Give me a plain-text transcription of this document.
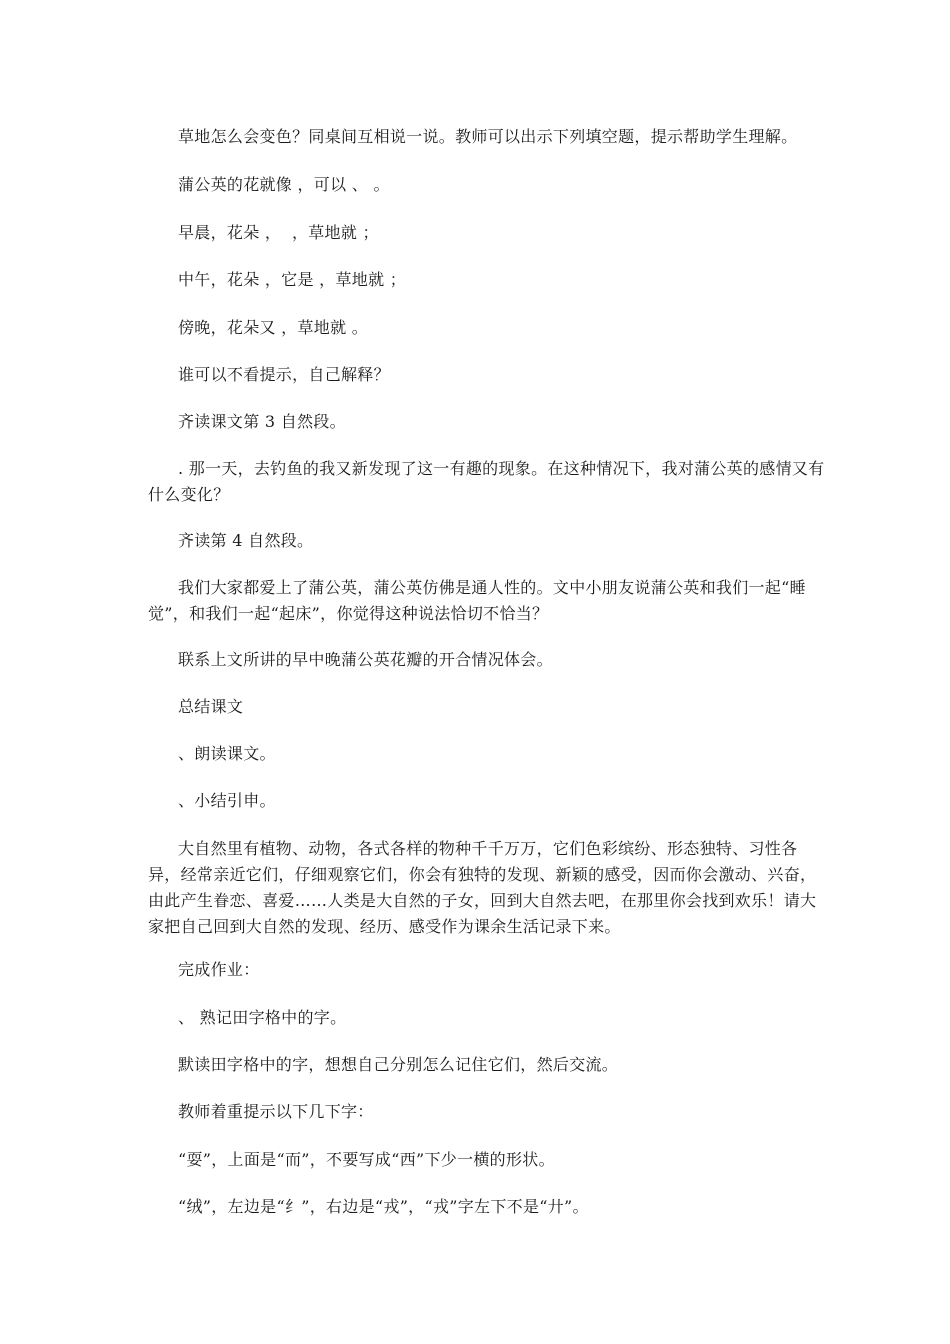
草地怎么会变色？同桌间互相说一说。教师可以出示下列填空题，提示帮助学生理解。
蒲公英的花就像 ，可以 、 。
早晨，花朵 ，  ，草地就 ；
中午，花朵 ，它是 ，草地就 ；
傍晚，花朵又 ，草地就 。
谁可以不看提示，自己解释？
齐读课文第 3 自然段。
. 那一天，去钓鱼的我又新发现了这一有趣的现象。在这种情况下，我对蒲公英的感情又有什么变化？
齐读第 4 自然段。
我们大家都爱上了蒲公英，蒲公英仿佛是通人性的。文中小朋友说蒲公英和我们一起“睡觉”，和我们一起“起床”，你觉得这种说法恰切不恰当？
联系上文所讲的早中晚蒲公英花瓣的开合情况体会。
总结课文
、朗读课文。
、小结引申。
大自然里有植物、动物，各式各样的物种千千万万，它们色彩缤纷、形态独特、习性各异，经常亲近它们，仔细观察它们，你会有独特的发现、新颖的感受，因而你会激动、兴奋，由此产生眷恋、喜爱……人类是大自然的子女，回到大自然去吧，在那里你会找到欢乐！请大家把自己回到大自然的发现、经历、感受作为课余生活记录下来。
完成作业：
、 熟记田字格中的字。
默读田字格中的字，想想自己分别怎么记住它们，然后交流。
教师着重提示以下几下字：
“耍”，上面是“而”，不要写成“西”下少一横的形状。
“绒”，左边是“纟”，右边是“戎”，“戎”字左下不是“廾”。
